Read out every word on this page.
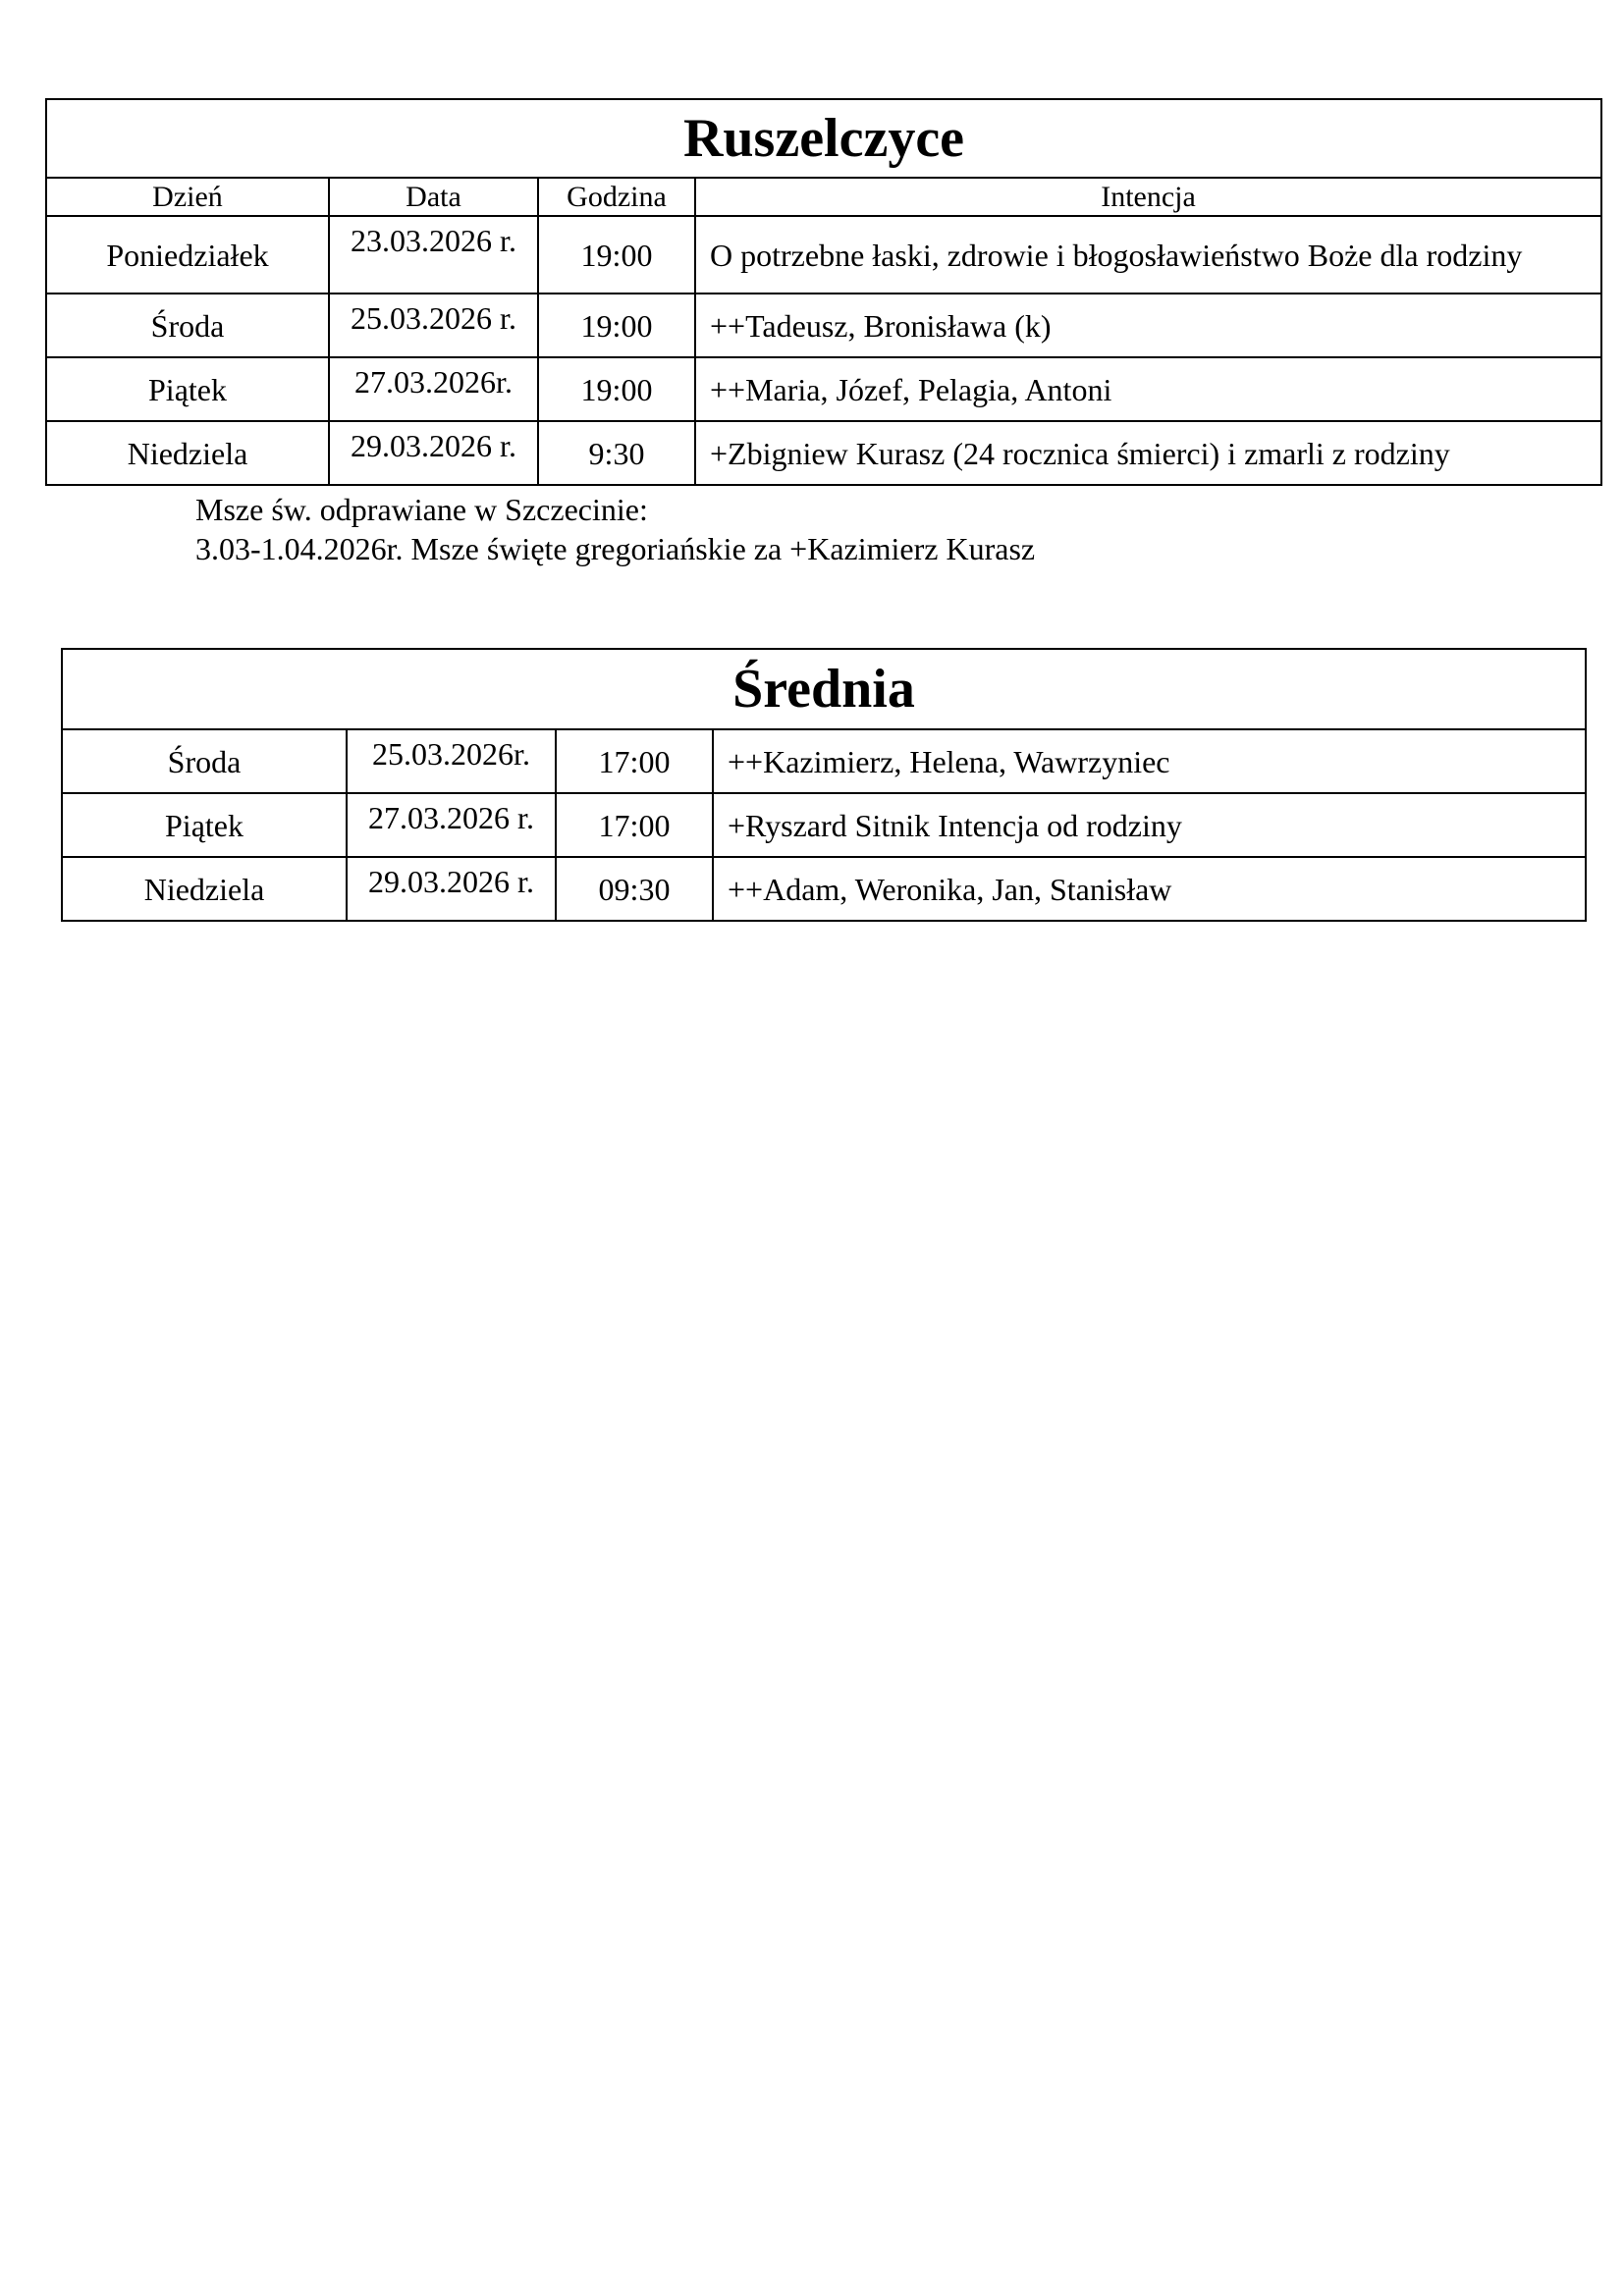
Ruszelczyce			
Dzień	Data	Godzina	Intencja
Poniedziałek	23.03.2026 r.	19:00	O potrzebne łaski, zdrowie i błogosławieństwo Boże dla rodziny
Środa	25.03.2026 r.	19:00	++Tadeusz, Bronisława (k)
Piątek	27.03.2026r.	19:00	++Maria, Józef, Pelagia, Antoni
Niedziela	29.03.2026 r.	9:30	+Zbigniew Kurasz (24 rocznica śmierci) i zmarli z rodziny
Msze św. odprawiane w Szczecinie:
3.03-1.04.2026r. Msze święte gregoriańskie za +Kazimierz Kurasz
Średnia			
Środa	25.03.2026r.	17:00	++Kazimierz, Helena, Wawrzyniec
Piątek	27.03.2026 r.	17:00	+Ryszard Sitnik Intencja od rodziny
Niedziela	29.03.2026 r.	09:30	++Adam, Weronika, Jan, Stanisław
